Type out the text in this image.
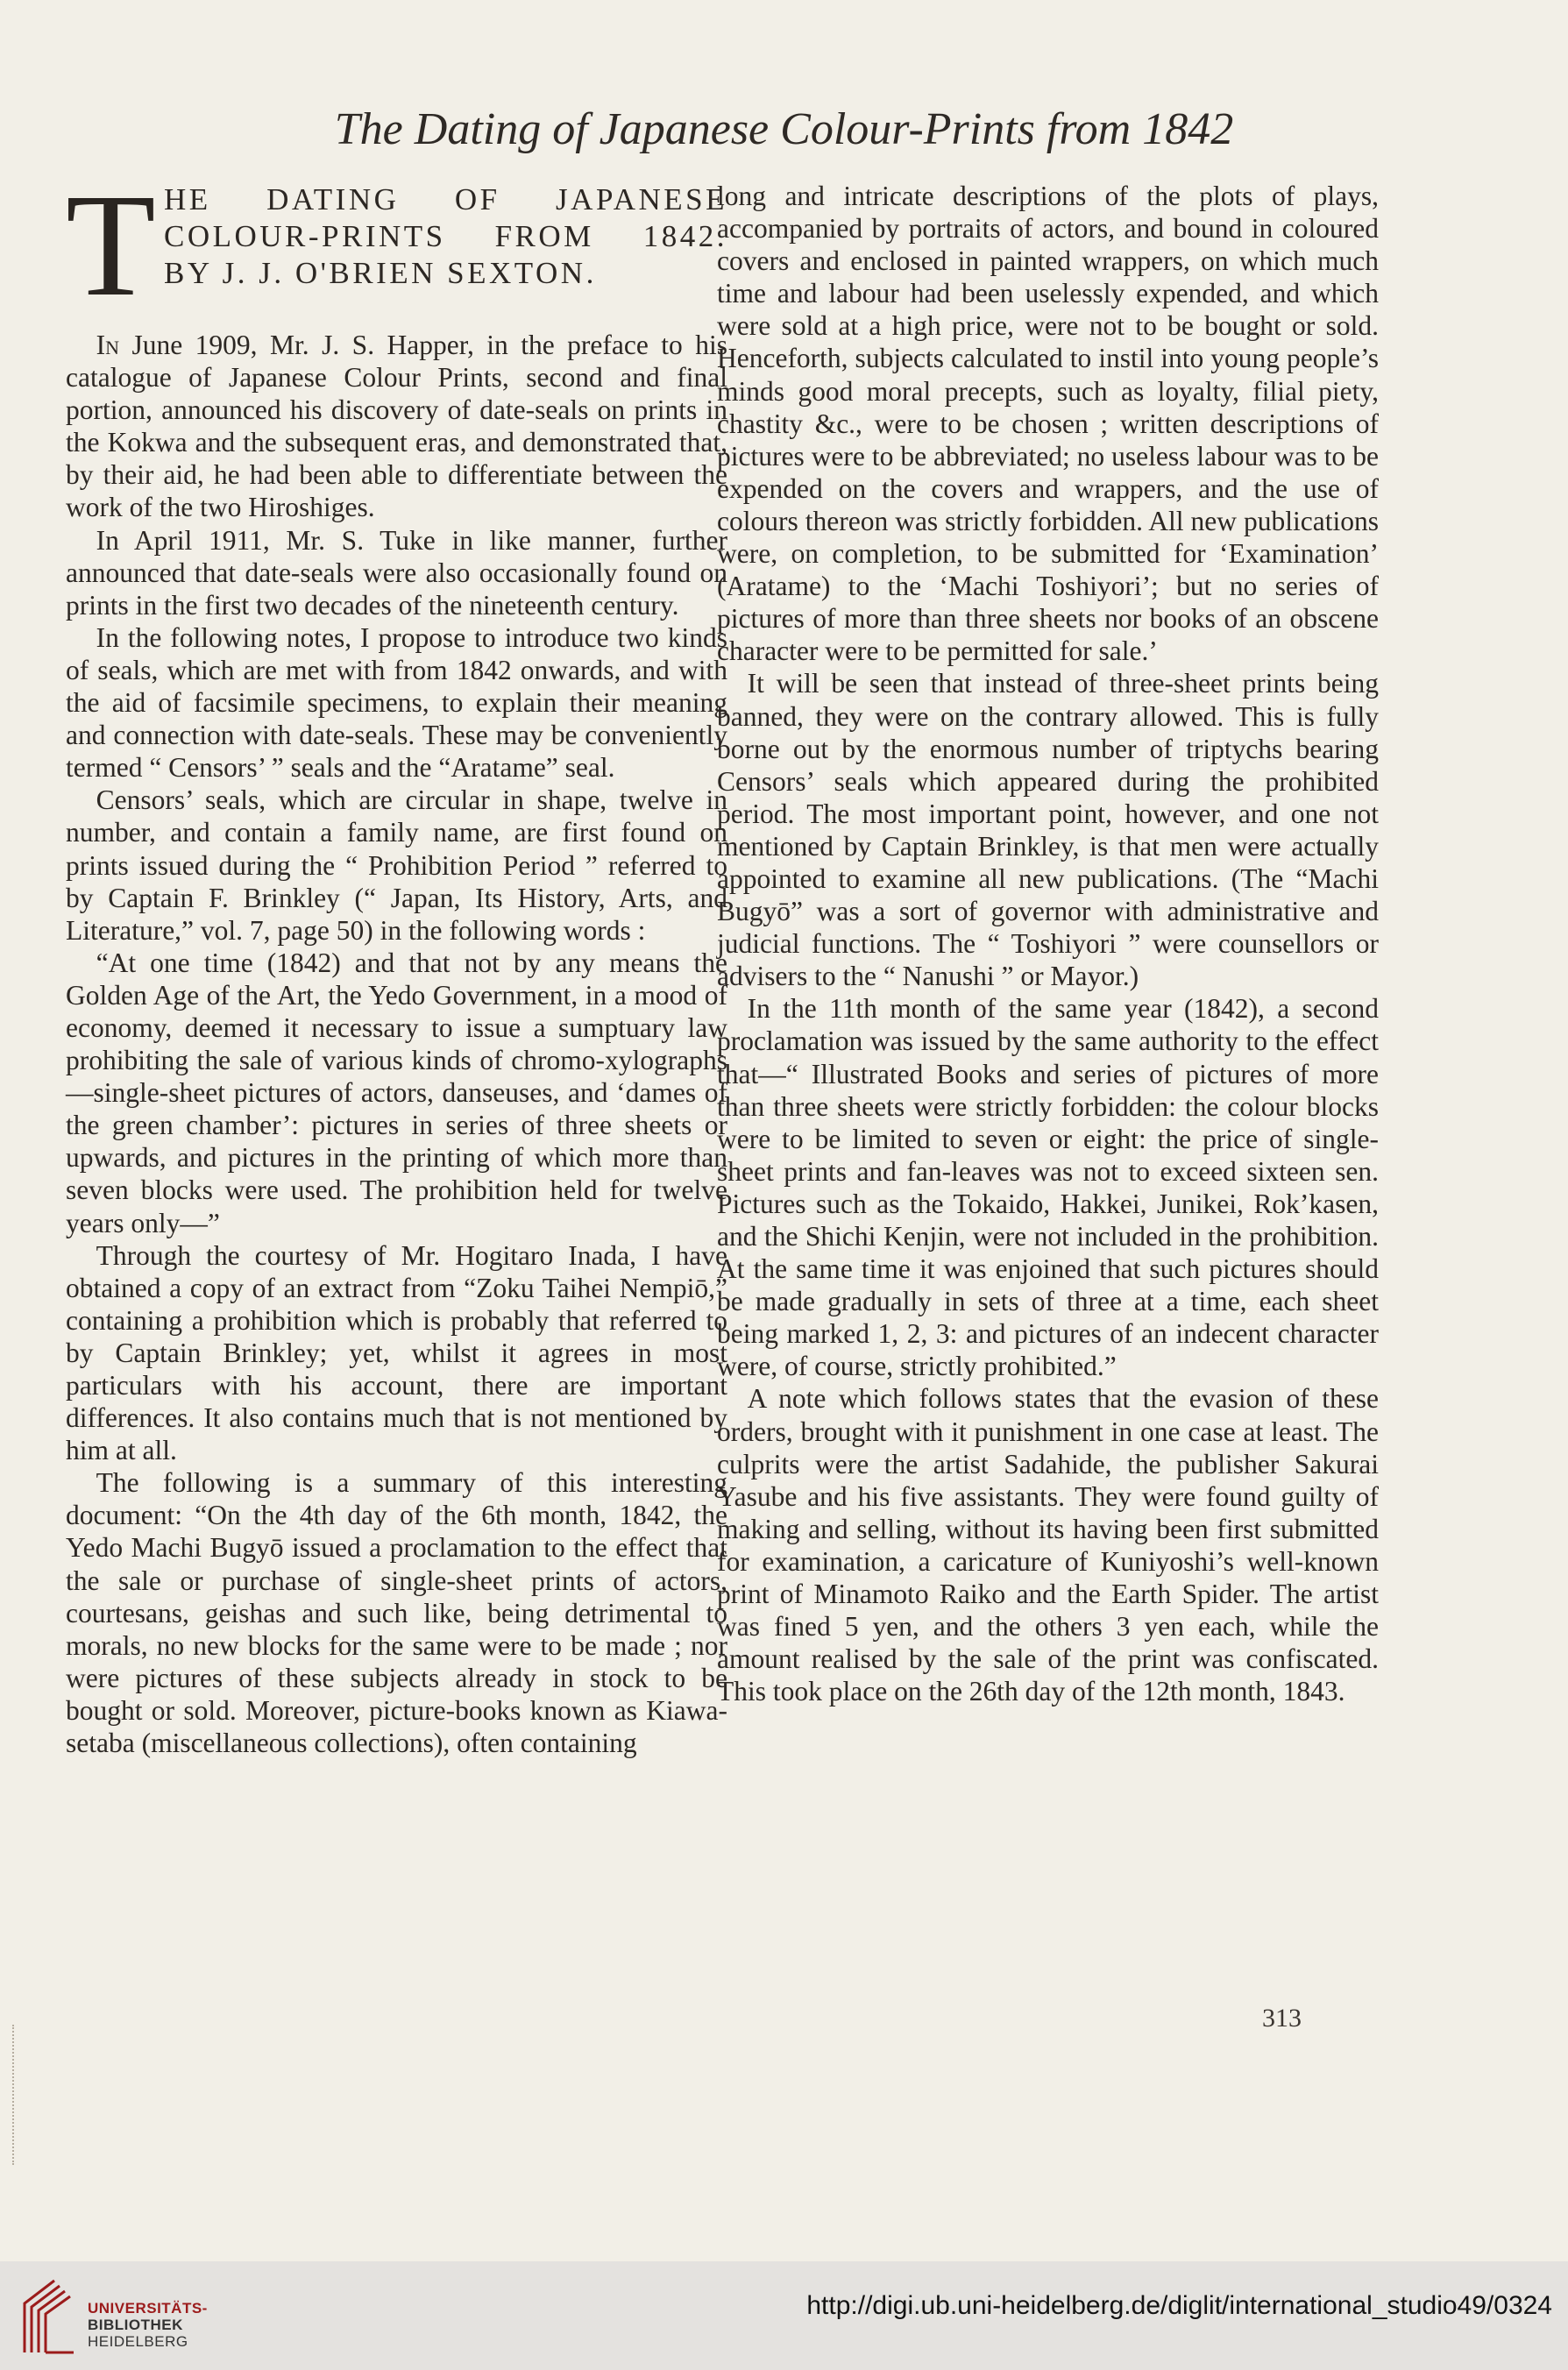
The Dating of Japanese Colour-Prints from 1842
T HE DATING OF JAPANESE
COLOUR-PRINTS FROM 1842.
BY J. J. O'BRIEN SEXTON.

In June 1909, Mr. J. S. Happer, in the preface to his catalogue of Japanese Colour Prints, second and final portion, announced his discovery of date-seals on prints in the Kokwa and the subsequent eras, and demonstrated that, by their aid, he had been able to differentiate between the work of the two Hiroshiges.

In April 1911, Mr. S. Tuke in like manner, further announced that date-seals were also occasionally found on prints in the first two decades of the nineteenth century.

In the following notes, I propose to introduce two kinds of seals, which are met with from 1842 onwards, and with the aid of facsimile specimens, to explain their meaning and connection with date-seals. These may be conveniently termed “ Censors’ ” seals and the “Aratame” seal.

Censors’ seals, which are circular in shape, twelve in number, and contain a family name, are first found on prints issued during the “ Prohibition Period ” referred to by Captain F. Brinkley (“ Japan, Its History, Arts, and Literature,” vol. 7, page 50) in the following words :

“At one time (1842) and that not by any means the Golden Age of the Art, the Yedo Government, in a mood of economy, deemed it necessary to issue a sumptuary law prohibiting the sale of various kinds of chromo-xylographs—single-sheet pictures of actors, danseuses, and ‘dames of the green chamber’: pictures in series of three sheets or upwards, and pictures in the printing of which more than seven blocks were used. The prohibition held for twelve years only—”

Through the courtesy of Mr. Hogitaro Inada, I have obtained a copy of an extract from “Zoku Taihei Nempiō,” containing a prohibition which is probably that referred to by Captain Brinkley; yet, whilst it agrees in most particulars with his account, there are important differences. It also contains much that is not mentioned by him at all.

The following is a summary of this interesting document: “On the 4th day of the 6th month, 1842, the Yedo Machi Bugyō issued a proclamation to the effect that the sale or purchase of single-sheet prints of actors, courtesans, geishas and such like, being detrimental to morals, no new blocks for the same were to be made ; nor were pictures of these subjects already in stock to be bought or sold. Moreover, picture-books known as Kiawa-setaba (miscellaneous collections), often containing

long and intricate descriptions of the plots of plays, accompanied by portraits of actors, and bound in coloured covers and enclosed in painted wrappers, on which much time and labour had been uselessly expended, and which were sold at a high price, were not to be bought or sold. Henceforth, subjects calculated to instil into young people’s minds good moral precepts, such as loyalty, filial piety, chastity &c., were to be chosen ; written descriptions of pictures were to be abbreviated; no useless labour was to be expended on the covers and wrappers, and the use of colours thereon was strictly forbidden. All new publications were, on completion, to be submitted for ‘Examination’ (Aratame) to the ‘Machi Toshiyori’; but no series of pictures of more than three sheets nor books of an obscene character were to be permitted for sale.’

It will be seen that instead of three-sheet prints being banned, they were on the contrary allowed. This is fully borne out by the enormous number of triptychs bearing Censors’ seals which appeared during the prohibited period. The most important point, however, and one not mentioned by Captain Brinkley, is that men were actually appointed to examine all new publications. (The “Machi Bugyō” was a sort of governor with administrative and judicial functions. The “ Toshiyori ” were counsellors or advisers to the “ Nanushi ” or Mayor.)

In the 11th month of the same year (1842), a second proclamation was issued by the same authority to the effect that—“ Illustrated Books and series of pictures of more than three sheets were strictly forbidden: the colour blocks were to be limited to seven or eight: the price of single-sheet prints and fan-leaves was not to exceed sixteen sen. Pictures such as the Tokaido, Hakkei, Junikei, Rok’kasen, and the Shichi Kenjin, were not included in the prohibition. At the same time it was enjoined that such pictures should be made gradually in sets of three at a time, each sheet being marked 1, 2, 3: and pictures of an indecent character were, of course, strictly prohibited.”

A note which follows states that the evasion of these orders, brought with it punishment in one case at least. The culprits were the artist Sadahide, the publisher Sakurai Yasube and his five assistants. They were found guilty of making and selling, without its having been first submitted for examination, a caricature of Kuniyoshi’s well-known print of Minamoto Raiko and the Earth Spider. The artist was fined 5 yen, and the others 3 yen each, while the amount realised by the sale of the print was confiscated. This took place on the 26th day of the 12th month, 1843.

313
UNIVERSITÄTS-
BIBLIOTHEK
HEIDELBERG
http://digi.ub.uni-heidelberg.de/diglit/international_studio49/0324
